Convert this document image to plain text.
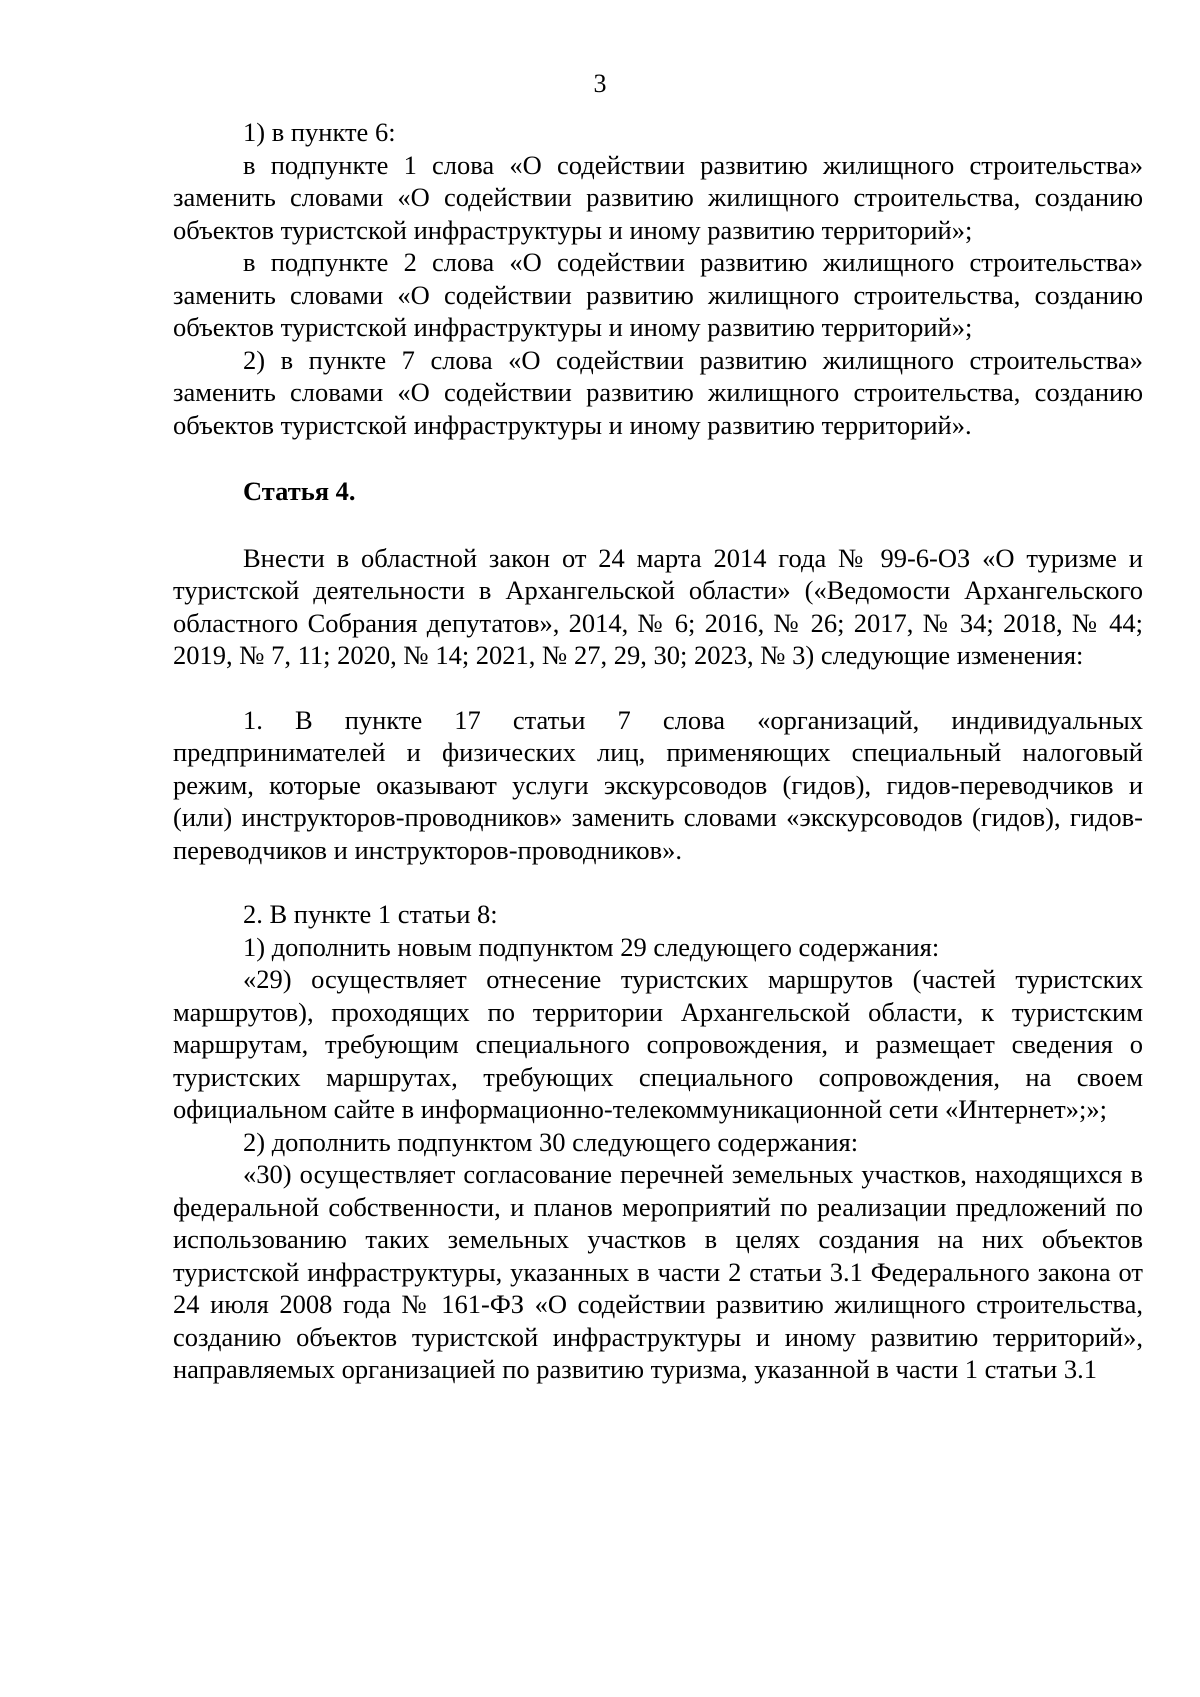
3

1) в пункте 6:

в подпункте 1 слова «О содействии развитию жилищного строительства» заменить словами «О содействии развитию жилищного строительства, созданию объектов туристской инфраструктуры и иному развитию территорий»;

в подпункте 2 слова «О содействии развитию жилищного строительства» заменить словами «О содействии развитию жилищного строительства, созданию объектов туристской инфраструктуры и иному развитию территорий»;

2) в пункте 7 слова «О содействии развитию жилищного строительства» заменить словами «О содействии развитию жилищного строительства, созданию объектов туристской инфраструктуры и иному развитию территорий».

Статья 4.

Внести в областной закон от 24 марта 2014 года № 99-6-ОЗ «О туризме и туристской деятельности в Архангельской области» («Ведомости Архангельского областного Собрания депутатов», 2014, № 6; 2016, № 26; 2017, № 34; 2018, № 44; 2019, № 7, 11; 2020, № 14; 2021, № 27, 29, 30; 2023, № 3) следующие изменения:

1. В пункте 17 статьи 7 слова «организаций, индивидуальных предпринимателей и физических лиц, применяющих специальный налоговый режим, которые оказывают услуги экскурсоводов (гидов), гидов-переводчиков и (или) инструкторов-проводников» заменить словами «экскурсоводов (гидов), гидов-переводчиков и инструкторов-проводников».

2. В пункте 1 статьи 8:

1) дополнить новым подпунктом 29 следующего содержания:

«29) осуществляет отнесение туристских маршрутов (частей туристских маршрутов), проходящих по территории Архангельской области, к туристским маршрутам, требующим специального сопровождения, и размещает сведения о туристских маршрутах, требующих специального сопровождения, на своем официальном сайте в информационно-телекоммуникационной сети «Интернет»;»;

2) дополнить подпунктом 30 следующего содержания:

«30) осуществляет согласование перечней земельных участков, находящихся в федеральной собственности, и планов мероприятий по реализации предложений по использованию таких земельных участков в целях создания на них объектов туристской инфраструктуры, указанных в части 2 статьи 3.1 Федерального закона от 24 июля 2008 года № 161-ФЗ «О содействии развитию жилищного строительства, созданию объектов туристской инфраструктуры и иному развитию территорий», направляемых организацией по развитию туризма, указанной в части 1 статьи 3.1
